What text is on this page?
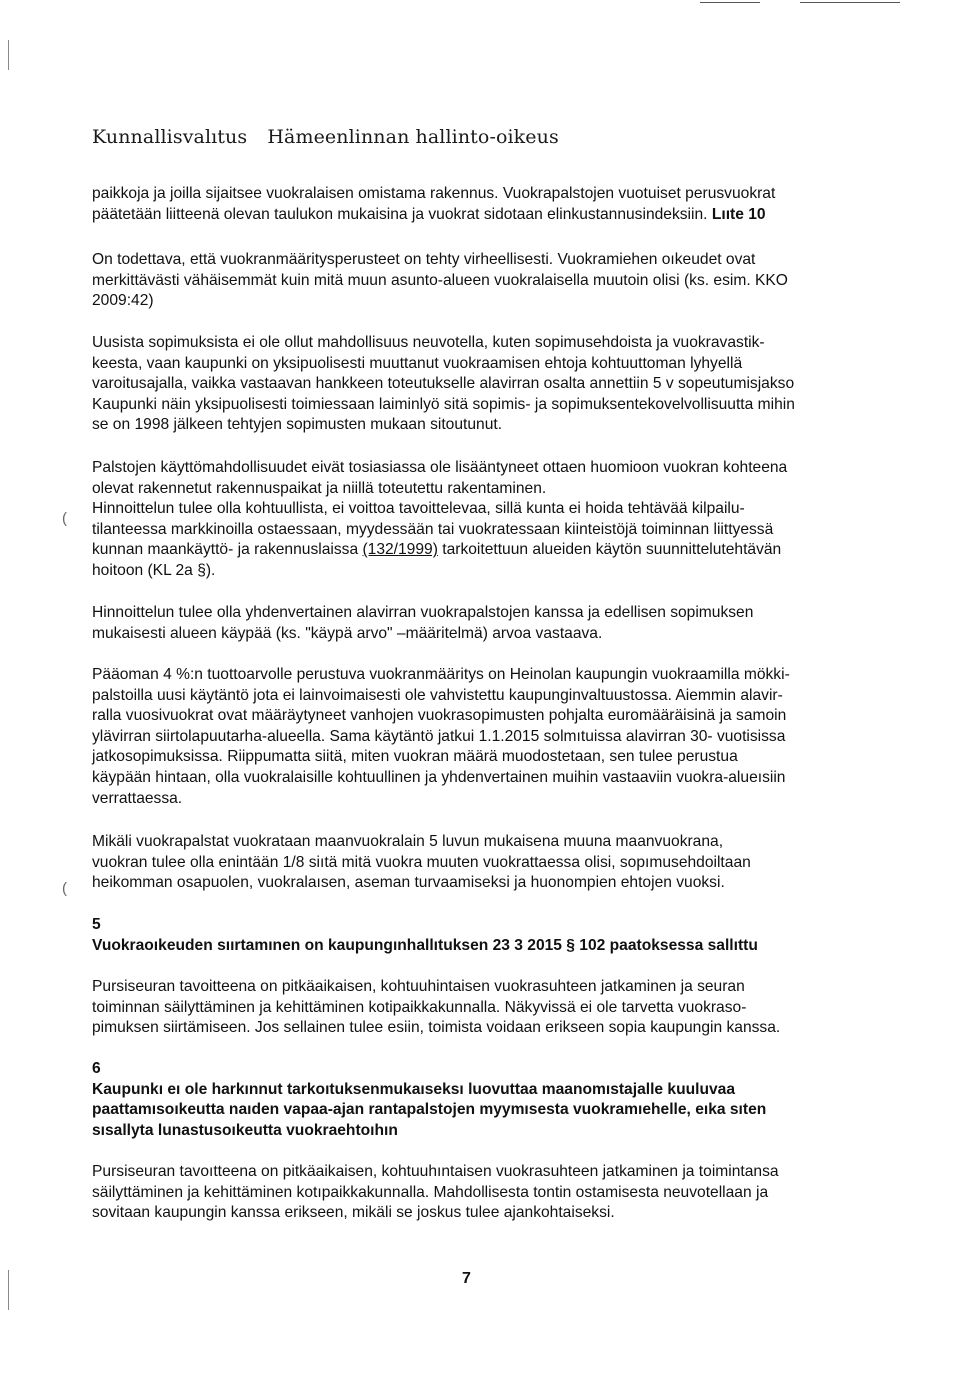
Kunnallisvalıtus Hämeenlinnan hallinto-oikeus
paikkoja ja joilla sijaitsee vuokralaisen omistama rakennus. Vuokrapalstojen vuotuiset perusvuokrat
päätetään liitteenä olevan taulukon mukaisina ja vuokrat sidotaan elinkustannusindeksiin. Lııte 10
On todettava, että vuokranmääritysperusteet on tehty virheellisesti. Vuokramiehen oıkeudet ovat
merkittävästi vähäisemmät kuin mitä muun asunto-alueen vuokralaisella muutoin olisi (ks. esim. KKO
2009:42)
Uusista sopimuksista ei ole ollut mahdollisuus neuvotella, kuten sopimusehdoista ja vuokravastik-
keesta, vaan kaupunki on yksipuolisesti muuttanut vuokraamisen ehtoja kohtuuttoman lyhyellä
varoitusajalla, vaikka vastaavan hankkeen toteutukselle alavirran osalta annettiin 5 v sopeutumisjakso
Kaupunki näin yksipuolisesti toimiessaan laiminlyö sitä sopimis- ja sopimuksentekovelvollisuutta mihin
se on 1998 jälkeen tehtyjen sopimusten mukaan sitoutunut.
Palstojen käyttömahdollisuudet eivät tosiasiassa ole lisääntyneet ottaen huomioon vuokran kohteena
olevat rakennetut rakennuspaikat ja niillä toteutettu rakentaminen.
Hinnoittelun tulee olla kohtuullista, ei voittoa tavoittelevaa, sillä kunta ei hoida tehtävää kilpailu-
tilanteessa markkinoilla ostaessaan, myydessään tai vuokratessaan kiinteistöjä toiminnan liittyessä
kunnan maankäyttö- ja rakennuslaissa (132/1999) tarkoitettuun alueiden käytön suunnittelutehtävän
hoitoon (KL 2a §).
(
Hinnoittelun tulee olla yhdenvertainen alavirran vuokrapalstojen kanssa ja edellisen sopimuksen
mukaisesti alueen käypää (ks. "käypä arvo" –määritelmä) arvoa vastaava.
Pääoman 4 %:n tuottoarvolle perustuva vuokranmääritys on Heinolan kaupungin vuokraamilla mökki-
palstoilla uusi käytäntö jota ei lainvoimaisesti ole vahvistettu kaupunginvaltuustossa. Aiemmin alavir-
ralla vuosivuokrat ovat määräytyneet vanhojen vuokrasopimusten pohjalta euromääräisinä ja samoin
ylävirran siirtolapuutarha-alueella. Sama käytäntö jatkui 1.1.2015 solmıtuissa alavirran 30- vuotisissa
jatkosopimuksissa. Riippumatta siitä, miten vuokran määrä muodostetaan, sen tulee perustua
käypään hintaan, olla vuokralaisille kohtuullinen ja yhdenvertainen muihin vastaaviin vuokra-alueısiin
verrattaessa.
Mikäli vuokrapalstat vuokrataan maanvuokralain 5 luvun mukaisena muuna maanvuokrana,
vuokran tulee olla enintään 1/8 siıtä mitä vuokra muuten vuokrattaessa olisi, sopımusehdoiltaan
heikomman osapuolen, vuokralaısen, aseman turvaamiseksi ja huonompien ehtojen vuoksi.
(
5
Vuokraoıkeuden sıırtamınen on kaupungınhallıtuksen 23 3 2015 § 102 paatoksessa sallıttu
Pursiseuran tavoitteena on pitkäaikaisen, kohtuuhintaisen vuokrasuhteen jatkaminen ja seuran
toiminnan säilyttäminen ja kehittäminen kotipaikkakunnalla. Näkyvissä ei ole tarvetta vuokraso-
pimuksen siirtämiseen. Jos sellainen tulee esiin, toimista voidaan erikseen sopia kaupungin kanssa.
6
Kaupunkı eı ole harkınnut tarkoıtuksenmukaıseksı luovuttaa maanomıstajalle kuuluvaa
paattamısoıkeutta naıden vapaa-ajan rantapalstojen myymısesta vuokramıehelle, eıka sıten
sısallyta lunastusoıkeutta vuokraehtoıhın
Pursiseuran tavoıtteena on pitkäaikaisen, kohtuuhıntaisen vuokrasuhteen jatkaminen ja toimintansa
säilyttäminen ja kehittäminen kotıpaikkakunnalla. Mahdollisesta tontin ostamisesta neuvotellaan ja
sovitaan kaupungin kanssa erikseen, mikäli se joskus tulee ajankohtaiseksi.
7
